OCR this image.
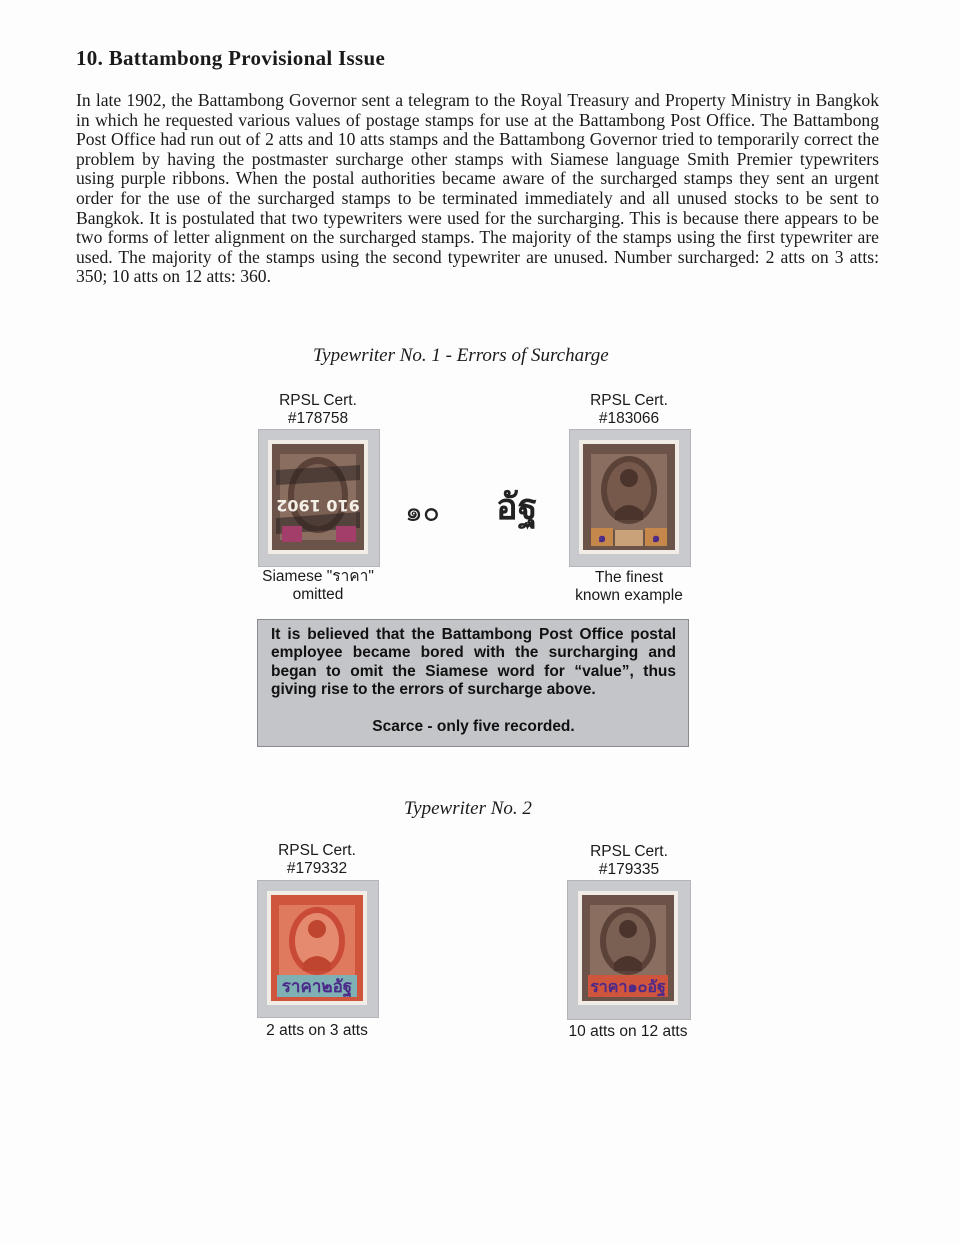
10. Battambong Provisional Issue
In late 1902, the Battambong Governor sent a telegram to the Royal Treasury and Property Ministry in Bangkok in which he requested various values of postage stamps for use at the Battambong Post Office. The Battambong Post Office had run out of 2 atts and 10 atts stamps and the Battambong Governor tried to temporarily correct the problem by having the postmaster surcharge other stamps with Siamese language Smith Premier typewriters using purple ribbons. When the postal authorities became aware of the surcharged stamps they sent an urgent order for the use of the surcharged stamps to be terminated immediately and all unused stocks to be sent to Bangkok. It is postulated that two typewriters were used for the surcharging. This is because there appears to be two forms of letter alignment on the surcharged stamps. The majority of the stamps using the first typewriter are used. The majority of the stamps using the second typewriter are unused. Number surcharged: 2 atts on 3 atts: 350; 10 atts on 12 atts: 360.
Typewriter No. 1 - Errors of Surcharge
RPSL Cert.
#178758
RPSL Cert.
#183066
910 1902
๑	๑
๑๐ อัฐ
Siamese "ราคา"
omitted
The finest
known example
It is believed that the Battambong Post Office postal employee became bored with the surcharging and began to omit the Siamese word for “value”, thus giving rise to the errors of surcharge above.
Scarce - only five recorded.
Typewriter No. 2
RPSL Cert.
#179332
RPSL Cert.
#179335
ราคา๒อัฐ	ราคา๑๐อัฐ
2 atts on 3 atts	10 atts on 12 atts
